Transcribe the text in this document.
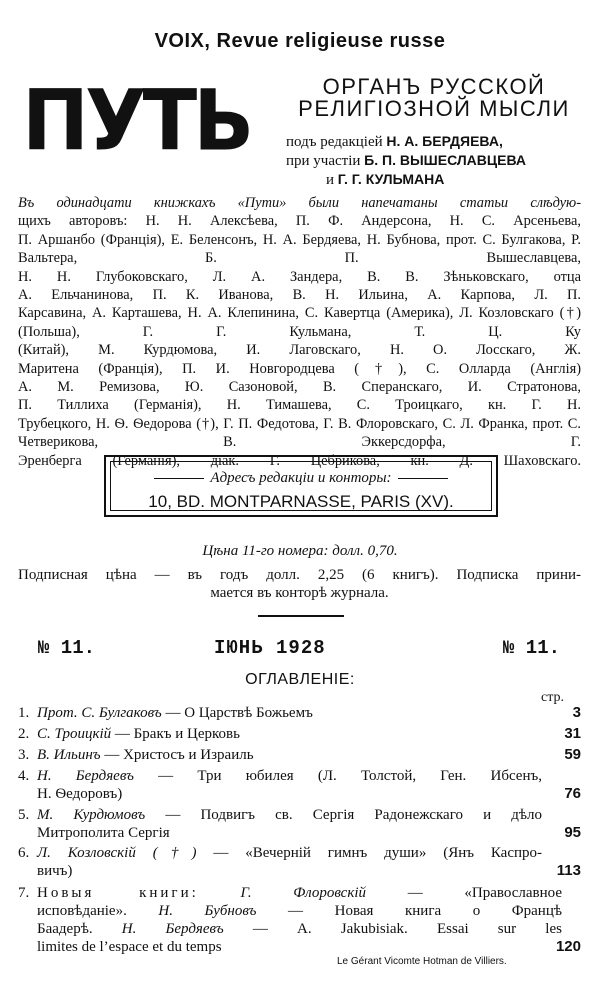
VOIX, Revue religieuse russe
ПУТЬ	ОРГАНЪ РУССКОЙ
РЕЛИГІОЗНОЙ МЫСЛИ
подъ редакціей Н. А. БЕРДЯЕВА,
при участіи Б. П. ВЫШЕСЛАВЦЕВА
и Г. Г. КУЛЬМАНА
Въ одинадцати книжкахъ «Пути» были напечатаны статьи слѣдую-
щихъ авторовъ: Н. Н. Алексѣева, П. Ф. Андерсона, Н. С. Арсеньева,
П. Аршанбо (Франція), Е. Беленсонъ, Н. А. Бердяева, Н. Бубнова, прот. С. Булгакова, Р. Вальтера, Б. П. Вышеславцева,
Н. Н. Глубоковскаго, Л. А. Зандера, В. В. Зѣньковскаго, отца
А. Ельчанинова, П. К. Иванова, В. Н. Ильина, А. Карпова, Л. П.
Карсавина, А. Карташева, Н. А. Клепинина, С. Кавертца (Америка), Л. Козловскаго (†) (Польша), Г. Г. Кульмана, Т. Ц. Ку
(Китай), М. Курдюмова, И. Лаговскаго, Н. О. Лосскаго, Ж.
Маритена (Франція), П. И. Новгородцева (†), С. Олларда (Англія)
А. М. Ремизова, Ю. Сазоновой, В. Сперанскаго, И. Стратонова,
П. Тиллиха (Германія), Н. Тимашева, С. Троицкаго, кн. Г. Н.
Трубецкого, Н. Ѳ. Ѳедорова (†), Г. П. Федотова, Г. В. Флоровскаго, С. Л. Франка, прот. С. Четверикова, В. Эккерсдорфа, Г.
Эренберга (Германія), діак. Г. Цебрикова, кн. Д. Шаховскаго.
Адресъ редакціи и конторы:
10, BD. MONTPARNASSE, PARIS (XV).
Цѣна 11-го номера: долл. 0,70.
Подписная цѣна — въ годъ долл. 2,25 (6 книгъ). Подписка прини-
мается въ конторѣ журнала.
№ 11.	ІЮНЬ 1928	№ 11.
ОГЛАВЛЕНІЕ:
стр.
1. Прот. С. Булгаковъ — О Царствѣ Божьемъ	3
2. С. Троицкій — Бракъ и Церковь	31
3. В. Ильинъ — Христосъ и Израиль	59
4. Н. Бердяевъ — Три юбилея (Л. Толстой, Ген. Ибсенъ,
Н. Ѳедоровъ)	76
5. М. Курдюмовъ — Подвигъ св. Сергія Радонежскаго и дѣло
Митрополита Сергія	95
6. Л. Козловскій (†) — «Вечерній гимнъ души» (Янъ Каспро-
вичъ)	113
7. Новыя книги: Г. Флоровскій — «Православное
исповѣданіе». Н. Бубновъ — Новая книга о Францѣ
Баадерѣ. Н. Бердяевъ — A. Jakubisiak. Essai sur les
limites de l’espace et du temps	120
Le Gérant Vicomte Hotman de Villiers.
